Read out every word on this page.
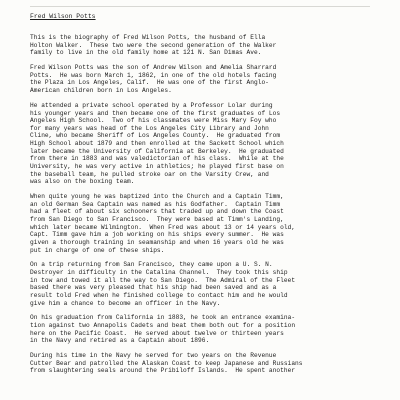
Fred Wilson Potts
This is the biography of Fred Wilson Potts, the husband of Ella
Holton Walker.  These two were the second generation of the Walker
family to live in the old family home at 121 N. San Dimas Ave.
Fred Wilson Potts was the son of Andrew Wilson and Amelia Sharrard
Potts.  He was born March 1, 1862, in one of the old hotels facing
the Plaza in Los Angeles, Calif.  He was one of the first Anglo-
American children born in Los Angeles.
He attended a private school operated by a Professor Lolar during
his younger years and then became one of the first graduates of Los
Angeles High School.  Two of his classmates were Miss Mary Foy who
for many years was head of the Los Angeles City Library and John
Cline, who became Sheriff of Los Angeles County.  He graduated from
High School about 1879 and then enrolled at the Sackett School which
later became the University of California at Berkeley.  He graduated
from there in 1883 and was valedictorian of his class.  While at the
University, he was very active in athletics; he played first base on
the baseball team, he pulled stroke oar on the Varsity Crew, and
was also on the boxing team.
When quite young he was baptized into the Church and a Captain Timm,
an old German Sea Captain was named as his Godfather.  Captain Timm
had a fleet of about six schooners that traded up and down the Coast
from San Diego to San Francisco.  They were based at Timm's Landing,
which later became Wilmington.  When Fred was about 13 or 14 years old,
Capt. Timm gave him a job working on his ships every summer.  He was
given a thorough training in seamanship and when 16 years old he was
put in charge of one of these ships.
On a trip returning from San Francisco, they came upon a U. S. N.
Destroyer in difficulty in the Catalina Channel.  They took this ship
in tow and towed it all the way to San Diego.  The Admiral of the Fleet
based there was very pleased that his ship had been saved and as a
result told Fred when he finished college to contact him and he would
give him a chance to become an officer in the Navy.
On his graduation from California in 1883, he took an entrance examina-
tion against two Annapolis Cadets and beat them both out for a position
here on the Pacific Coast.  He served about twelve or thirteen years
in the Navy and retired as a Captain about 1896.
During his time in the Navy he served for two years on the Revenue
Cutter Bear and patrolled the Alaskan Coast to keep Japanese and Russians
from slaughtering seals around the Pribiloff Islands.  He spent another
